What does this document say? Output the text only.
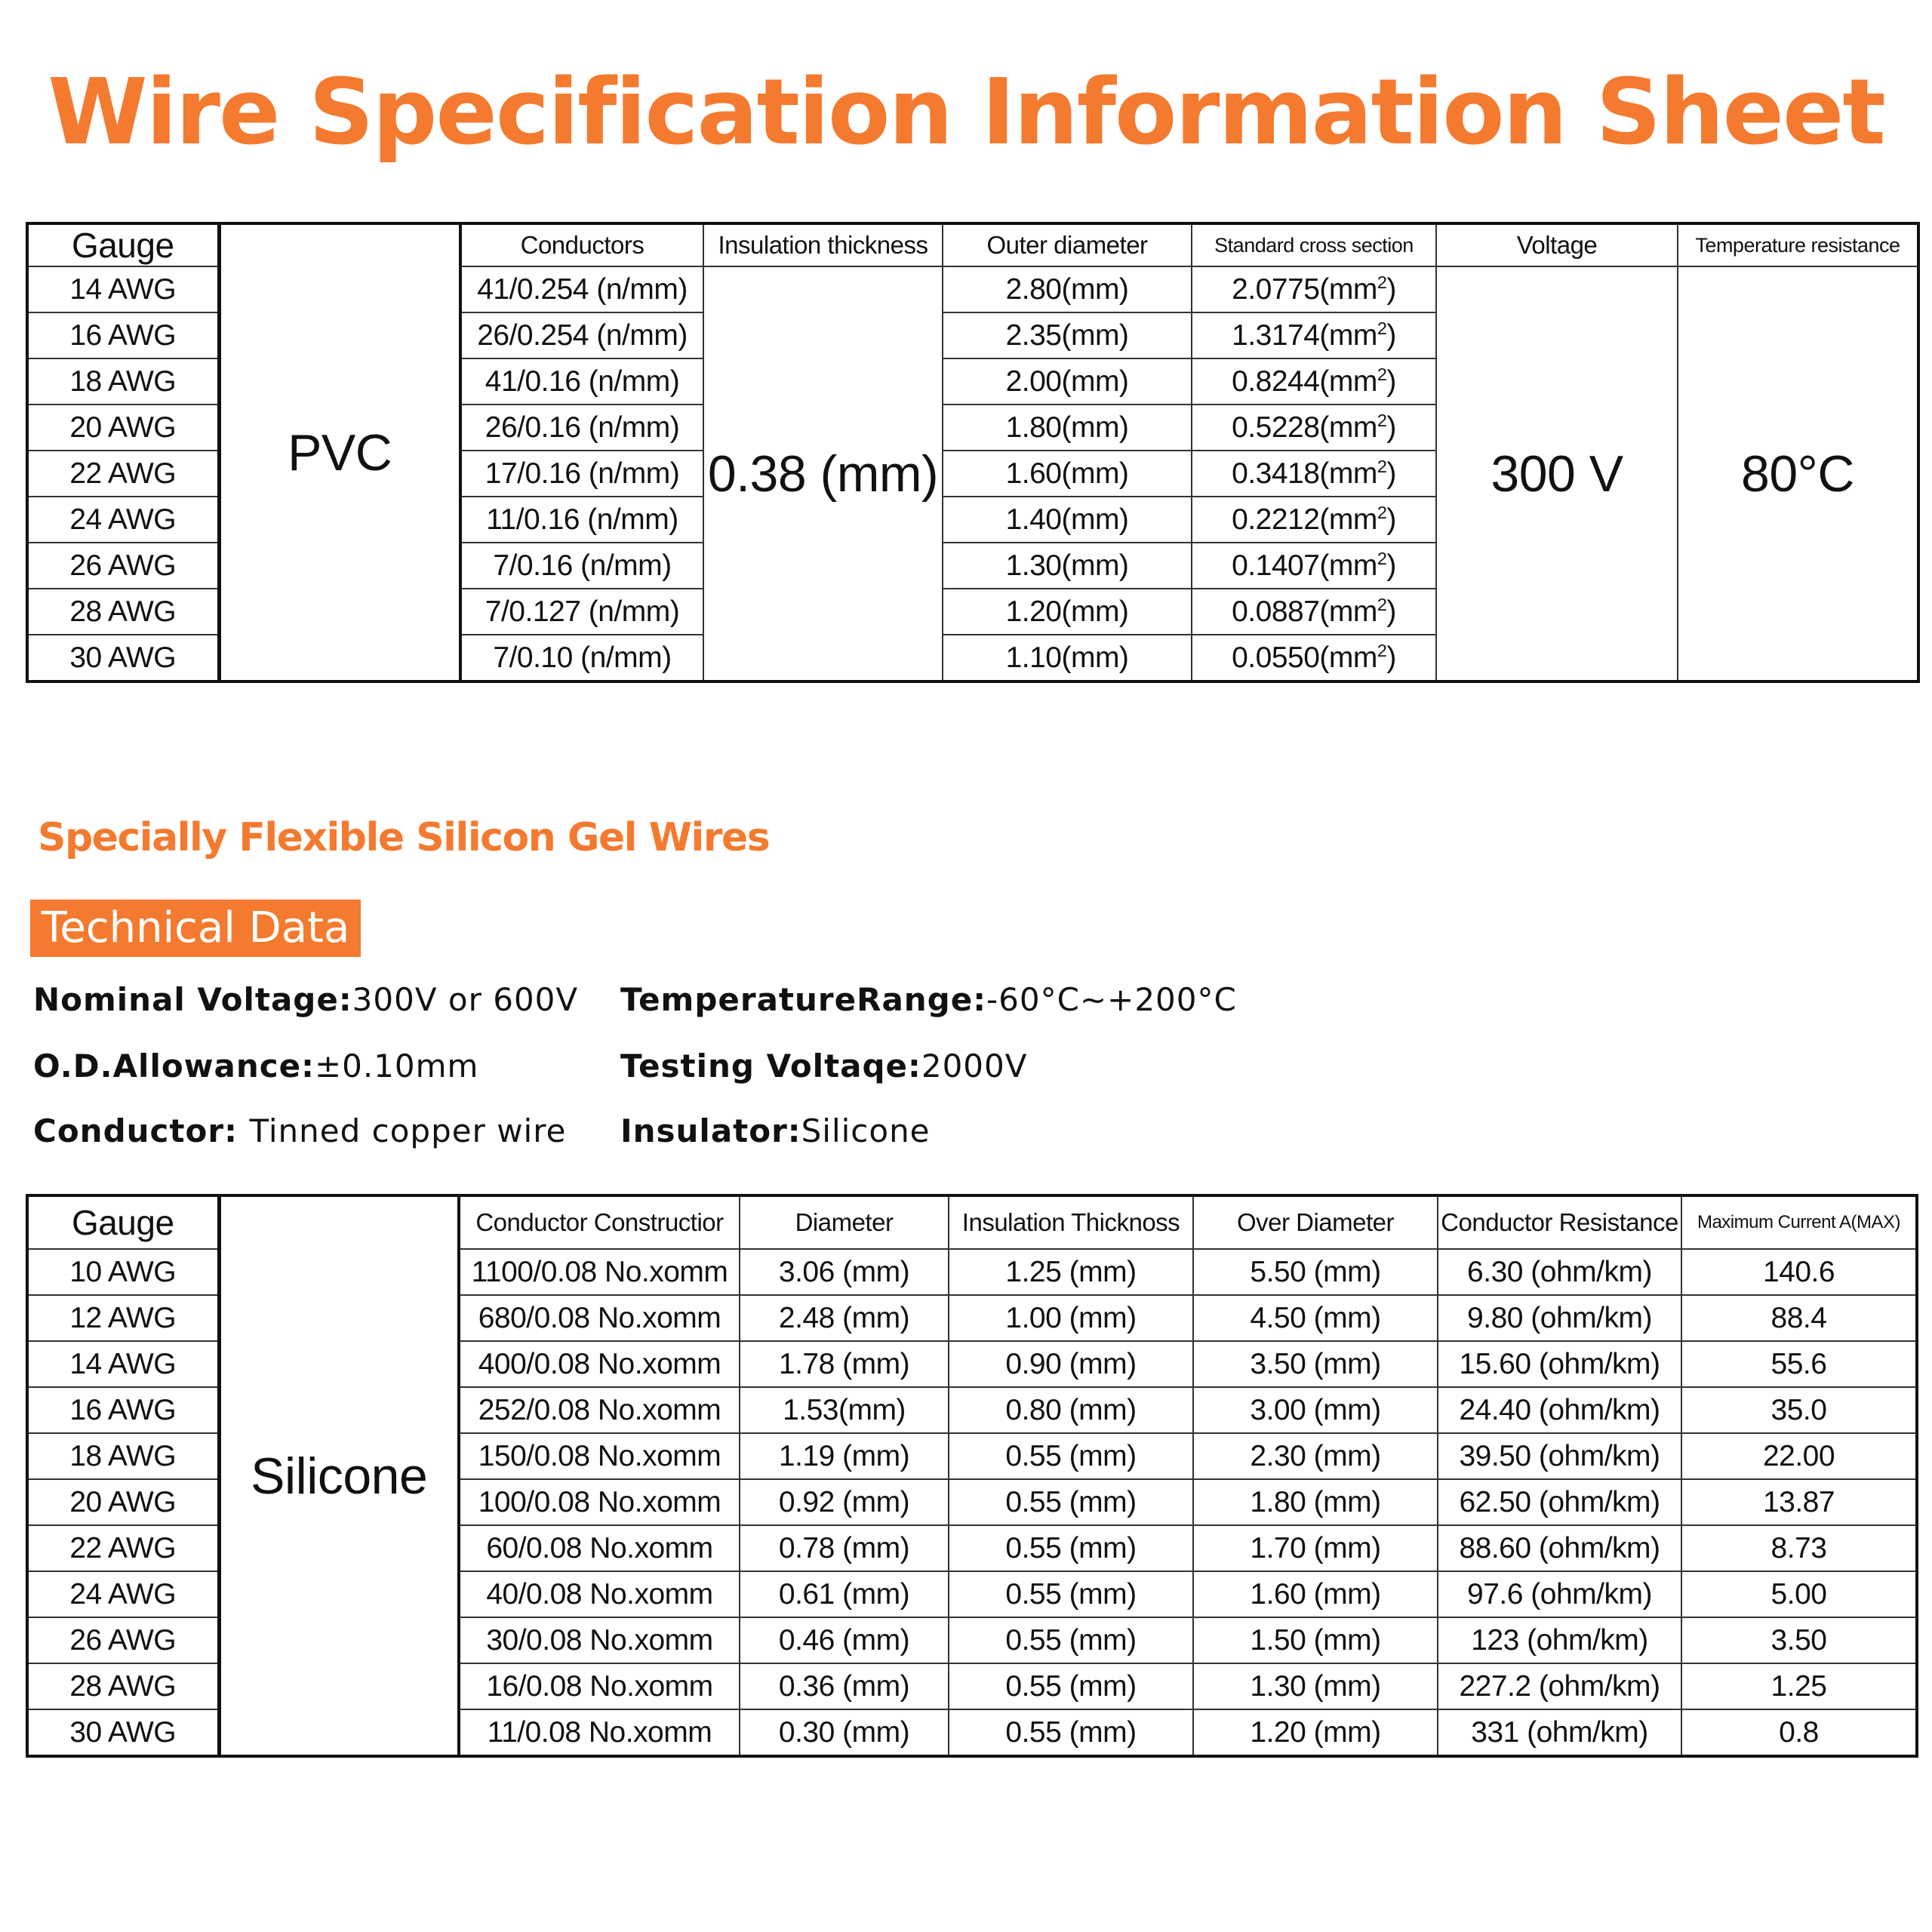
Wire Specification Information Sheet
Gauge	PVC	Conductors	Insulation thickness	Outer diameter	Standard cross section	Voltage	Temperature resistance
14 AWG		41/0.254 (n/mm)	0.38 (mm)	2.80(mm)	$2.0775(mm^2)$	300 V	80°C
16 AWG		26/0.254 (n/mm)		2.35(mm)	$1.3174(mm^2)$		
18 AWG		41/0.16 (n/mm)		2.00(mm)	$0.8244(mm^2)$		
20 AWG		26/0.16 (n/mm)		1.80(mm)	$0.5228(mm^2)$		
22 AWG		17/0.16 (n/mm)		1.60(mm)	$0.3418(mm^2)$		
24 AWG		11/0.16 (n/mm)		1.40(mm)	$0.2212(mm^2)$		
26 AWG		7/0.16 (n/mm)		1.30(mm)	$0.1407(mm^2)$		
28 AWG		7/0.127 (n/mm)		1.20(mm)	$0.0887(mm^2)$		
30 AWG		7/0.10 (n/mm)		1.10(mm)	$0.0550(mm^2)$		
Specially Flexible Silicon Gel Wires
Technical Data
Nominal Voltage:300V or 600V TemperatureRange:-60°C~+200°C
O.D.Allowance:±0.10mm	Testing Voltaqe:2000V
Conductor: Tinned copper wire Insulator:Silicone
Gauge	Silicone	Conductor Constructior	Diameter	Insulation Thicknoss	Over Diameter	Conductor Resistance	Maximum Current A(MAX)
10 AWG		1100/0.08 No.xomm	3.06 (mm)	1.25 (mm)	5.50 (mm)	6.30 (ohm/km)	140.6
12 AWG		680/0.08 No.xomm	2.48 (mm)	1.00 (mm)	4.50 (mm)	9.80 (ohm/km)	88.4
14 AWG		400/0.08 No.xomm	1.78 (mm)	0.90 (mm)	3.50 (mm)	15.60 (ohm/km)	55.6
16 AWG		252/0.08 No.xomm	1.53(mm)	0.80 (mm)	3.00 (mm)	24.40 (ohm/km)	35.0
18 AWG		150/0.08 No.xomm	1.19 (mm)	0.55 (mm)	2.30 (mm)	39.50 (ohm/km)	22.00
20 AWG		100/0.08 No.xomm	0.92 (mm)	0.55 (mm)	1.80 (mm)	62.50 (ohm/km)	13.87
22 AWG		60/0.08 No.xomm	0.78 (mm)	0.55 (mm)	1.70 (mm)	88.60 (ohm/km)	8.73
24 AWG		40/0.08 No.xomm	0.61 (mm)	0.55 (mm)	1.60 (mm)	97.6 (ohm/km)	5.00
26 AWG		30/0.08 No.xomm	0.46 (mm)	0.55 (mm)	1.50 (mm)	123 (ohm/km)	3.50
28 AWG		16/0.08 No.xomm	0.36 (mm)	0.55 (mm)	1.30 (mm)	227.2 (ohm/km)	1.25
30 AWG		11/0.08 No.xomm	0.30 (mm)	0.55 (mm)	1.20 (mm)	331 (ohm/km)	0.8
